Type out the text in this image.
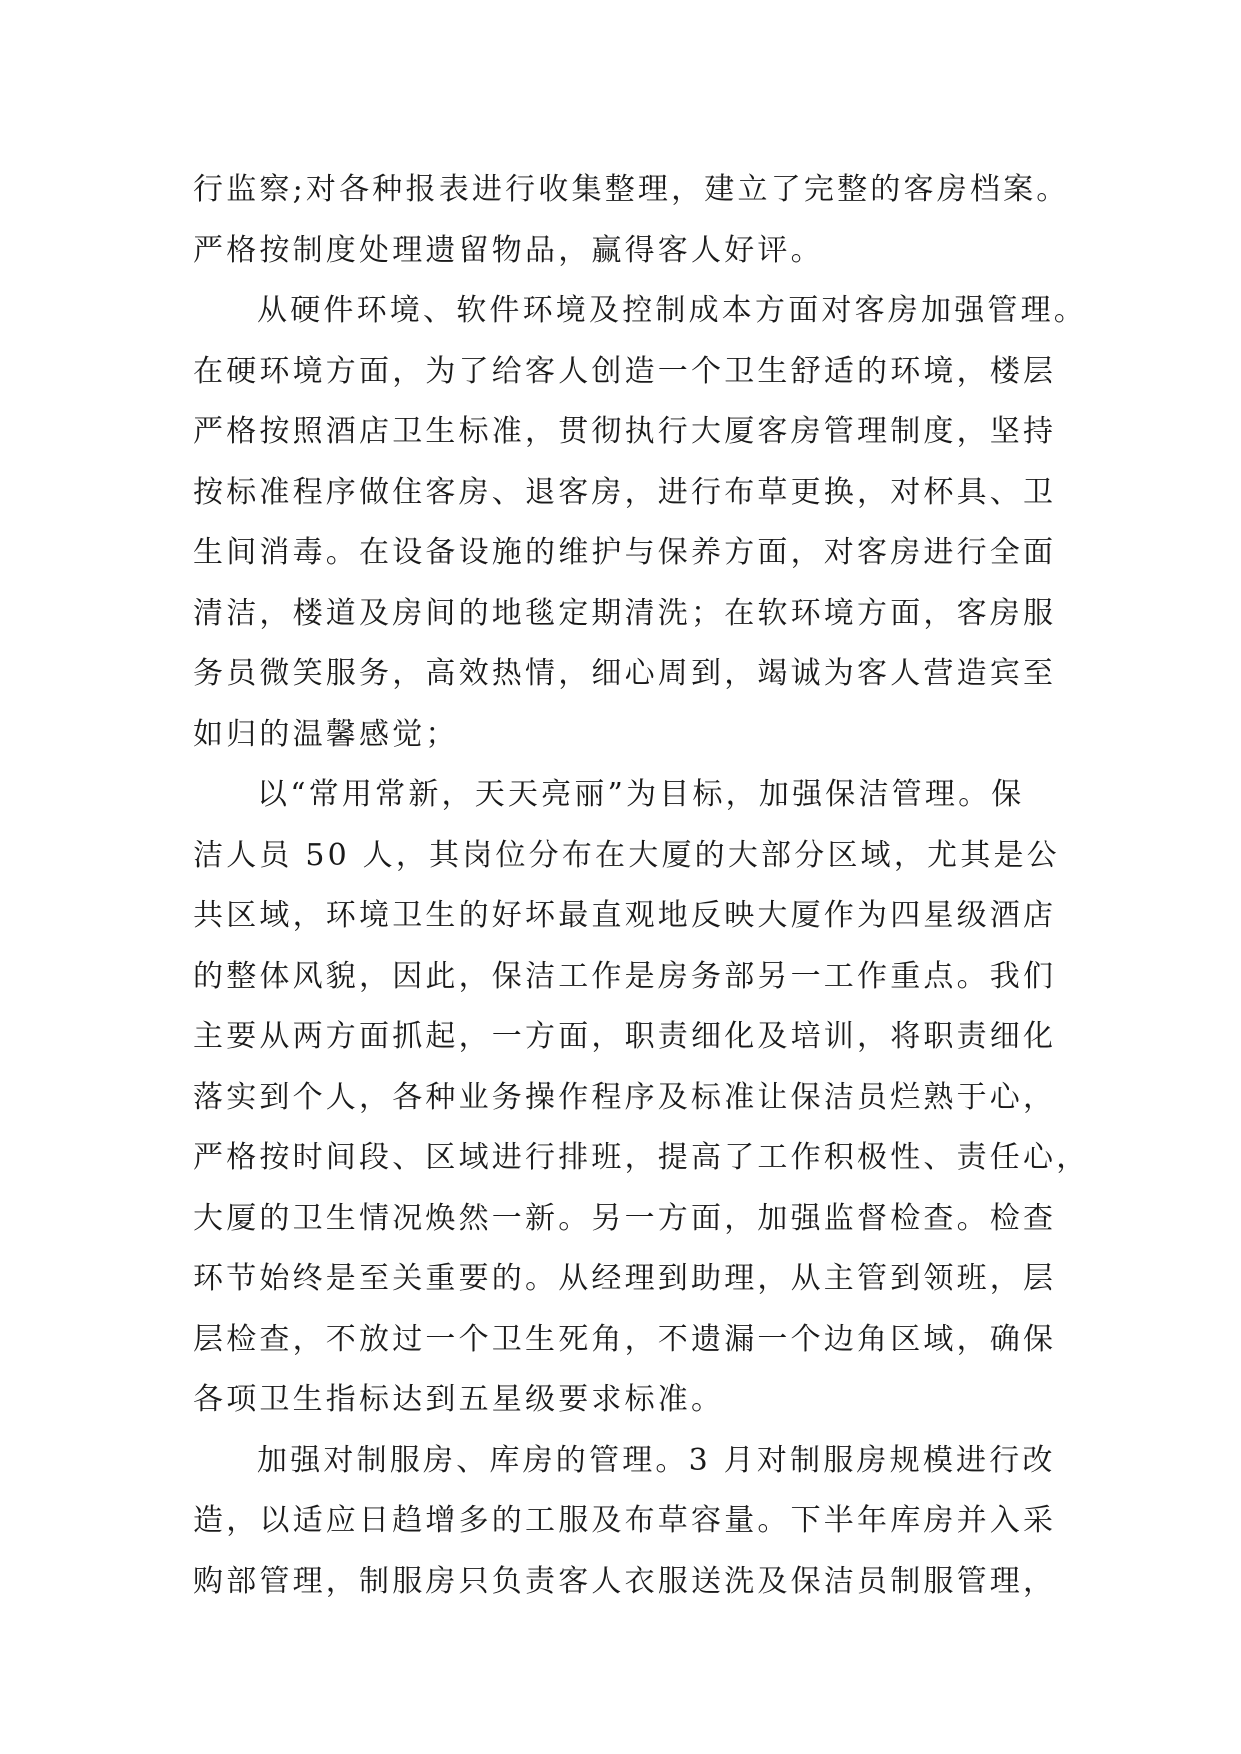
行监察;对各种报表进行收集整理，建立了完整的客房档案。
严格按制度处理遗留物品，赢得客人好评。
从硬件环境、软件环境及控制成本方面对客房加强管理。
在硬环境方面，为了给客人创造一个卫生舒适的环境，楼层
严格按照酒店卫生标准，贯彻执行大厦客房管理制度，坚持
按标准程序做住客房、退客房，进行布草更换，对杯具、卫
生间消毒。在设备设施的维护与保养方面，对客房进行全面
清洁，楼道及房间的地毯定期清洗；在软环境方面，客房服
务员微笑服务，高效热情，细心周到，竭诚为客人营造宾至
如归的温馨感觉；
以“常用常新，天天亮丽”为目标，加强保洁管理。保
洁人员 50 人，其岗位分布在大厦的大部分区域，尤其是公
共区域，环境卫生的好坏最直观地反映大厦作为四星级酒店
的整体风貌，因此，保洁工作是房务部另一工作重点。我们
主要从两方面抓起，一方面，职责细化及培训，将职责细化
落实到个人，各种业务操作程序及标准让保洁员烂熟于心，
严格按时间段、区域进行排班，提高了工作积极性、责任心，
大厦的卫生情况焕然一新。另一方面，加强监督检查。检查
环节始终是至关重要的。从经理到助理，从主管到领班，层
层检查，不放过一个卫生死角，不遗漏一个边角区域，确保
各项卫生指标达到五星级要求标准。
加强对制服房、库房的管理。3 月对制服房规模进行改
造，以适应日趋增多的工服及布草容量。下半年库房并入采
购部管理，制服房只负责客人衣服送洗及保洁员制服管理，
